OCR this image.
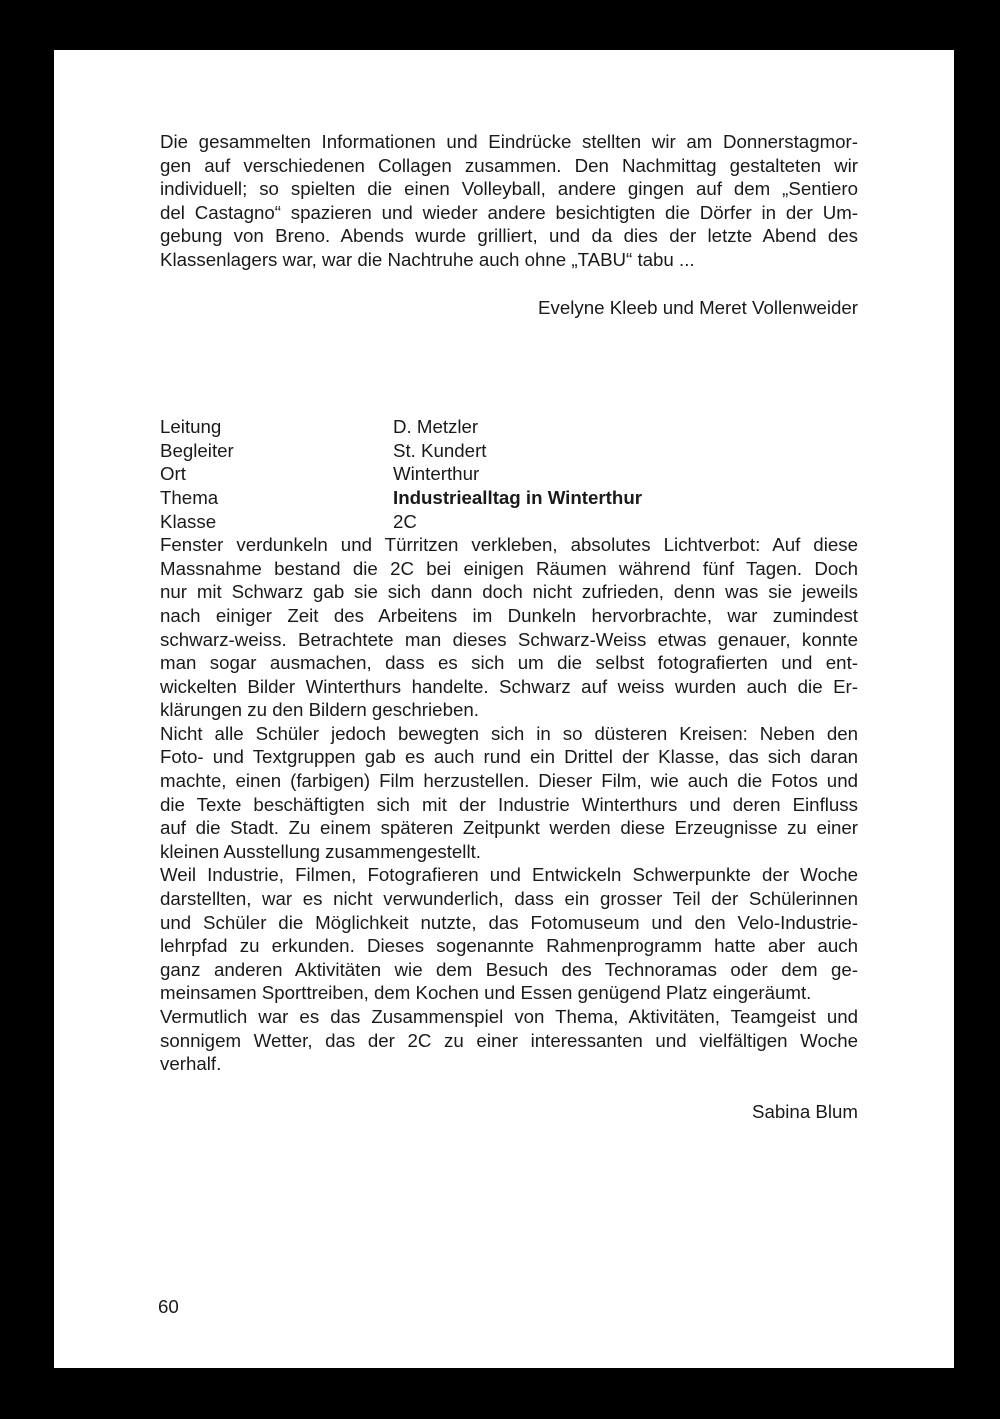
Die gesammelten Informationen und Eindrücke stellten wir am Donnerstagmor-
gen auf verschiedenen Collagen zusammen. Den Nachmittag gestalteten wir
individuell; so spielten die einen Volleyball, andere gingen auf dem „Sentiero
del Castagno“ spazieren und wieder andere besichtigten die Dörfer in der Um-
gebung von Breno. Abends wurde grilliert, und da dies der letzte Abend des
Klassenlagers war, war die Nachtruhe auch ohne „TABU“ tabu ...

Evelyne Kleeb und Meret Vollenweider

Leitung	D. Metzler
Begleiter	St. Kundert
Ort	Winterthur
Thema	Industriealltag in Winterthur
Klasse	2C

Fenster verdunkeln und Türritzen verkleben, absolutes Lichtverbot: Auf diese
Massnahme bestand die 2C bei einigen Räumen während fünf Tagen. Doch
nur mit Schwarz gab sie sich dann doch nicht zufrieden, denn was sie jeweils
nach einiger Zeit des Arbeitens im Dunkeln hervorbrachte, war zumindest
schwarz-weiss. Betrachtete man dieses Schwarz-Weiss etwas genauer, konnte
man sogar ausmachen, dass es sich um die selbst fotografierten und ent-
wickelten Bilder Winterthurs handelte. Schwarz auf weiss wurden auch die Er-
klärungen zu den Bildern geschrieben.

Nicht alle Schüler jedoch bewegten sich in so düsteren Kreisen: Neben den
Foto- und Textgruppen gab es auch rund ein Drittel der Klasse, das sich daran
machte, einen (farbigen) Film herzustellen. Dieser Film, wie auch die Fotos und
die Texte beschäftigten sich mit der Industrie Winterthurs und deren Einfluss
auf die Stadt. Zu einem späteren Zeitpunkt werden diese Erzeugnisse zu einer
kleinen Ausstellung zusammengestellt.

Weil Industrie, Filmen, Fotografieren und Entwickeln Schwerpunkte der Woche
darstellten, war es nicht verwunderlich, dass ein grosser Teil der Schülerinnen
und Schüler die Möglichkeit nutzte, das Fotomuseum und den Velo-Industrie-
lehrpfad zu erkunden. Dieses sogenannte Rahmenprogramm hatte aber auch
ganz anderen Aktivitäten wie dem Besuch des Technoramas oder dem ge-
meinsamen Sporttreiben, dem Kochen und Essen genügend Platz eingeräumt.

Vermutlich war es das Zusammenspiel von Thema, Aktivitäten, Teamgeist und
sonnigem Wetter, das der 2C zu einer interessanten und vielfältigen Woche
verhalf.

Sabina Blum

60
